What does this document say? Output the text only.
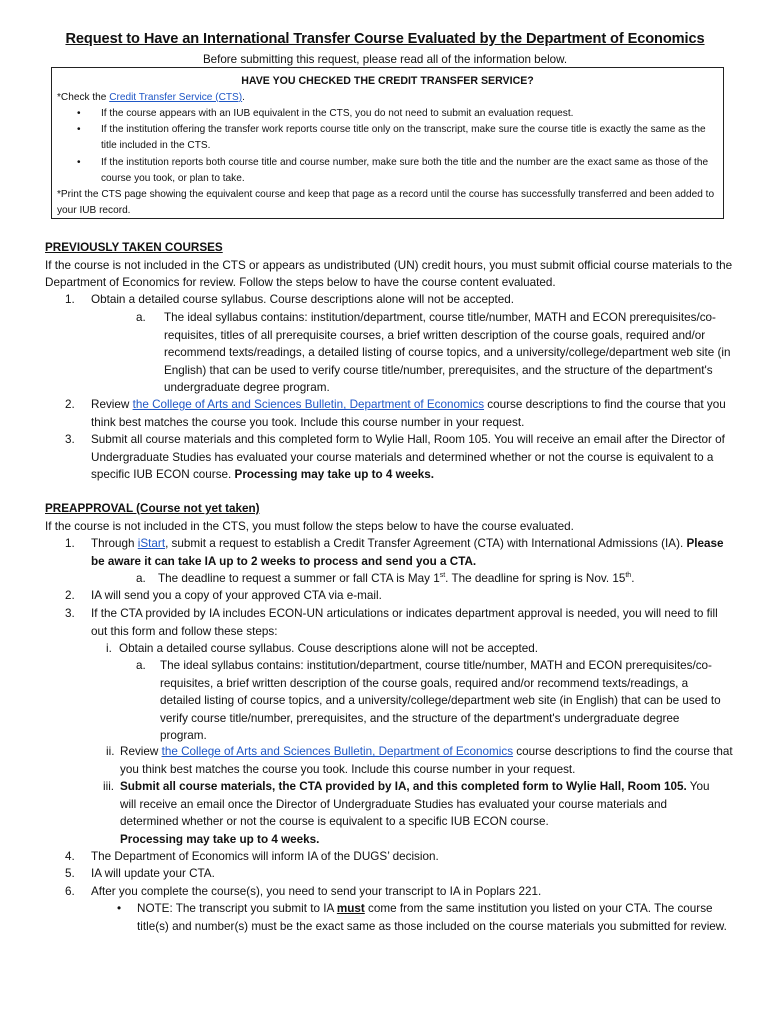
Request to Have an International Transfer Course Evaluated by the Department of Economics
Before submitting this request, please read all of the information below.
HAVE YOU CHECKED THE CREDIT TRANSFER SERVICE?
*Check the Credit Transfer Service (CTS).
• If the course appears with an IUB equivalent in the CTS, you do not need to submit an evaluation request.
• If the institution offering the transfer work reports course title only on the transcript, make sure the course title is exactly the same as the title included in the CTS.
• If the institution reports both course title and course number, make sure both the title and the number are the exact same as those of the course you took, or plan to take.
*Print the CTS page showing the equivalent course and keep that page as a record until the course has successfully transferred and been added to your IUB record.
PREVIOUSLY TAKEN COURSES
If the course is not included in the CTS or appears as undistributed (UN) credit hours, you must submit official course materials to the Department of Economics for review. Follow the steps below to have the course content evaluated.
1. Obtain a detailed course syllabus. Course descriptions alone will not be accepted.
a. The ideal syllabus contains: institution/department, course title/number, MATH and ECON prerequisites/co-requisites, titles of all prerequisite courses, a brief written description of the course goals, required and/or recommend texts/readings, a detailed listing of course topics, and a university/college/department web site (in English) that can be used to verify course title/number, prerequisites, and the structure of the department's undergraduate degree program.
2. Review the College of Arts and Sciences Bulletin, Department of Economics course descriptions to find the course that you think best matches the course you took. Include this course number in your request.
3. Submit all course materials and this completed form to Wylie Hall, Room 105. You will receive an email after the Director of Undergraduate Studies has evaluated your course materials and determined whether or not the course is equivalent to a specific IUB ECON course. Processing may take up to 4 weeks.
PREAPPROVAL (Course not yet taken)
If the course is not included in the CTS, you must follow the steps below to have the course evaluated.
1. Through iStart, submit a request to establish a Credit Transfer Agreement (CTA) with International Admissions (IA). Please be aware it can take IA up to 2 weeks to process and send you a CTA.
a. The deadline to request a summer or fall CTA is May 1st. The deadline for spring is Nov. 15th.
2. IA will send you a copy of your approved CTA via e-mail.
3. If the CTA provided by IA includes ECON-UN articulations or indicates department approval is needed, you will need to fill out this form and follow these steps:
i. Obtain a detailed course syllabus. Couse descriptions alone will not be accepted.
a. The ideal syllabus contains: institution/department, course title/number, MATH and ECON prerequisites/co-requisites, a brief written description of the course goals, required and/or recommend texts/readings, a detailed listing of course topics, and a university/college/department web site (in English) that can be used to verify course title/number, prerequisites, and the structure of the department's undergraduate degree program.
ii. Review the College of Arts and Sciences Bulletin, Department of Economics course descriptions to find the course that you think best matches the course you took. Include this course number in your request.
iii. Submit all course materials, the CTA provided by IA, and this completed form to Wylie Hall, Room 105. You will receive an email once the Director of Undergraduate Studies has evaluated your course materials and determined whether or not the course is equivalent to a specific IUB ECON course.
Processing may take up to 4 weeks.
4. The Department of Economics will inform IA of the DUGS’ decision.
5. IA will update your CTA.
6. After you complete the course(s), you need to send your transcript to IA in Poplars 221.
• NOTE: The transcript you submit to IA must come from the same institution you listed on your CTA. The course title(s) and number(s) must be the exact same as those included on the course materials you submitted for review.
